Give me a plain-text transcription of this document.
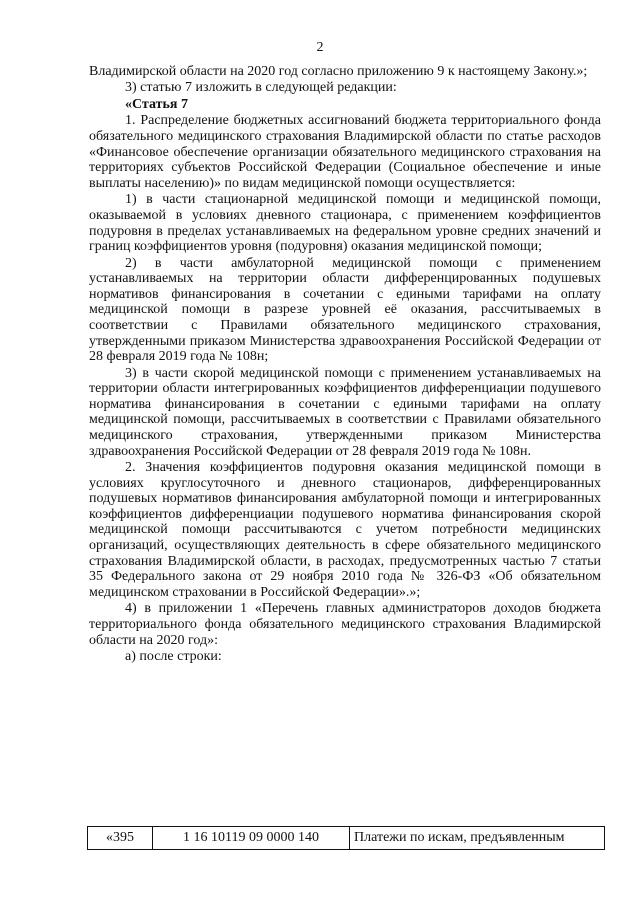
2

Владимирской области на 2020 год согласно приложению 9 к настоящему Закону.»;

3) статью 7 изложить в следующей редакции:

«Статья 7

1. Распределение бюджетных ассигнований бюджета территориального фонда обязательного медицинского страхования Владимирской области по статье расходов «Финансовое обеспечение организации обязательного медицинского страхования на территориях субъектов Российской Федерации (Социальное обеспечение и иные выплаты населению)» по видам медицинской помощи осуществляется:

1) в части стационарной медицинской помощи и медицинской помощи, оказываемой в условиях дневного стационара, с применением коэффициентов подуровня в пределах устанавливаемых на федеральном уровне средних значений и границ коэффициентов уровня (подуровня) оказания медицинской помощи;

2) в части амбулаторной медицинской помощи с применением устанавливаемых на территории области дифференцированных подушевых нормативов финансирования в сочетании с едиными тарифами на оплату медицинской помощи в разрезе уровней её оказания, рассчитываемых в соответствии с Правилами обязательного медицинского страхования, утвержденными приказом Министерства здравоохранения Российской Федерации от 28 февраля 2019 года № 108н;

3) в части скорой медицинской помощи с применением устанавливаемых на территории области интегрированных коэффициентов дифференциации подушевого норматива финансирования в сочетании с едиными тарифами на оплату медицинской помощи, рассчитываемых в соответствии с Правилами обязательного медицинского страхования, утвержденными приказом Министерства здравоохранения Российской Федерации от 28 февраля 2019 года № 108н.

2. Значения коэффициентов подуровня оказания медицинской помощи в условиях круглосуточного и дневного стационаров, дифференцированных подушевых нормативов финансирования амбулаторной помощи и интегрированных коэффициентов дифференциации подушевого норматива финансирования скорой медицинской помощи рассчитываются с учетом потребности медицинских организаций, осуществляющих деятельность в сфере обязательного медицинского страхования Владимирской области, в расходах, предусмотренных частью 7 статьи 35 Федерального закона от 29 ноября 2010 года № 326-ФЗ «Об обязательном медицинском страховании в Российской Федерации».»;

4) в приложении 1 «Перечень главных администраторов доходов бюджета территориального фонда обязательного медицинского страхования Владимирской области на 2020 год»:

а) после строки:

«395	1 16 10119 09 0000 140	Платежи по искам, предъявленным
